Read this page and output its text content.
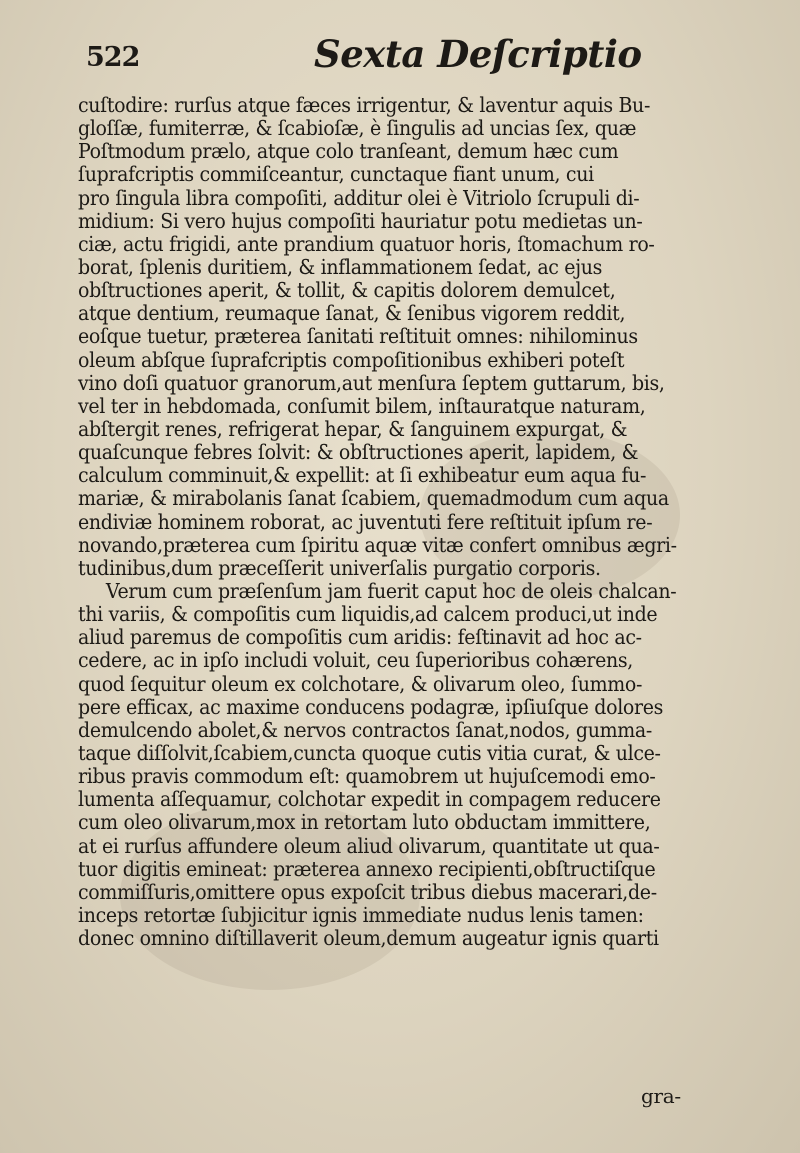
522	Sexta Deſcriptio
cuſtodire: rurſus atque fæces irrigentur, & laventur aquis Bu-
gloſſæ, fumiterræ, & ſcabioſæ, è ſingulis ad uncias ſex, quæ
Poſtmodum prælo, atque colo tranſeant, demum hæc cum
ſuprafcriptis commiſceantur, cunctaque fiant unum, cui
pro ſingula libra compoſiti, additur olei è Vitriolo ſcrupuli di-
midium: Si vero hujus compoſiti hauriatur potu medietas un-
ciæ, actu frigidi, ante prandium quatuor horis, ſtomachum ro-
borat, ſplenis duritiem, & inflammationem ſedat, ac ejus
obſtructiones aperit, & tollit, & capitis dolorem demulcet,
atque dentium, reumaque ſanat, & ſenibus vigorem reddit,
eoſque tuetur, præterea ſanitati reſtituit omnes: nihilominus
oleum abſque ſuprafcriptis compoſitionibus exhiberi poteſt
vino doſi quatuor granorum,aut menſura ſeptem guttarum, bis,
vel ter in hebdomada, conſumit bilem, inſtauratque naturam,
abſtergit renes, refrigerat hepar, & ſanguinem expurgat, &
quaſcunque febres ſolvit: & obſtructiones aperit, lapidem, &
calculum comminuit,& expellit: at ſi exhibeatur eum aqua fu-
mariæ, & mirabolanis ſanat ſcabiem, quemadmodum cum aqua
endiviæ hominem roborat, ac juventuti fere reſtituit ipſum re-
novando,præterea cum ſpiritu aquæ vitæ confert omnibus ægri-
tudinibus,dum præceſſerit univerſalis purgatio corporis.
Verum cum præſenſum jam fuerit caput hoc de oleis chalcan-
thi variis, & compoſitis cum liquidis,ad calcem produci,ut inde
aliud paremus de compoſitis cum aridis: feſtinavit ad hoc ac-
cedere, ac in ipſo includi voluit, ceu ſuperioribus cohærens,
quod ſequitur oleum ex colchotare, & olivarum oleo, ſummo-
pere efficax, ac maxime conducens podagræ, ipſiuſque dolores
demulcendo abolet,& nervos contractos ſanat,nodos, gumma-
taque diſſolvit,ſcabiem,cuncta quoque cutis vitia curat, & ulce-
ribus pravis commodum eſt: quamobrem ut hujuſcemodi emo-
lumenta aſſequamur, colchotar expedit in compagem reducere
cum oleo olivarum,mox in retortam luto obductam immittere,
at ei rurſus affundere oleum aliud olivarum, quantitate ut qua-
tuor digitis emineat: præterea annexo recipienti,obſtructiſque
commiſſuris,omittere opus expoſcit tribus diebus macerari,de-
inceps retortæ ſubjicitur ignis immediate nudus lenis tamen:
donec omnino diſtillaverit oleum,demum augeatur ignis quarti
gra-
